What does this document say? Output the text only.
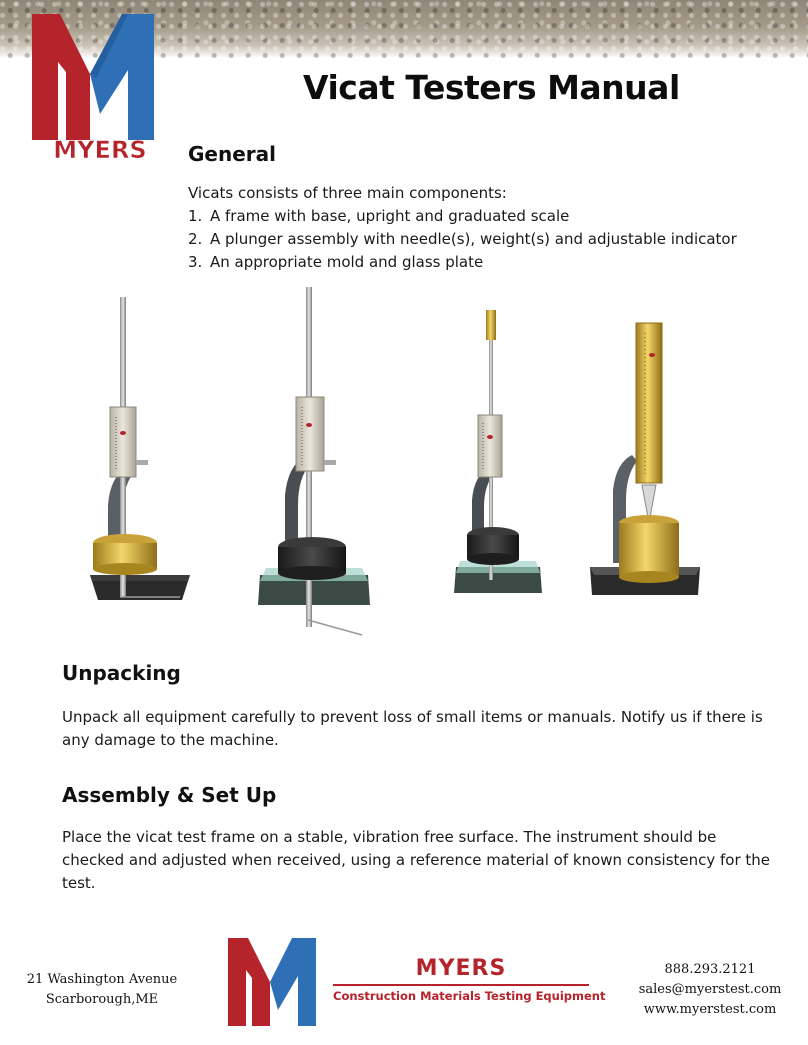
MYERS
Vicat Testers Manual
General
Vicats consists of three main components:
1. A frame with base, upright and graduated scale
2. A plunger assembly with needle(s), weight(s) and adjustable indicator
3. An appropriate mold and glass plate
Unpacking

Unpack all equipment carefully to prevent loss of small items or manuals. Notify us if there is any damage to the machine.

Assembly & Set Up

Place the vicat test frame on a stable, vibration free surface. The instrument should be checked and adjusted when received, using a reference material of known consistency for the test.

21 Washington Avenue
Scarborough,ME
MYERS
Construction Materials Testing Equipment
888.293.2121
sales@myerstest.com
www.myerstest.com
